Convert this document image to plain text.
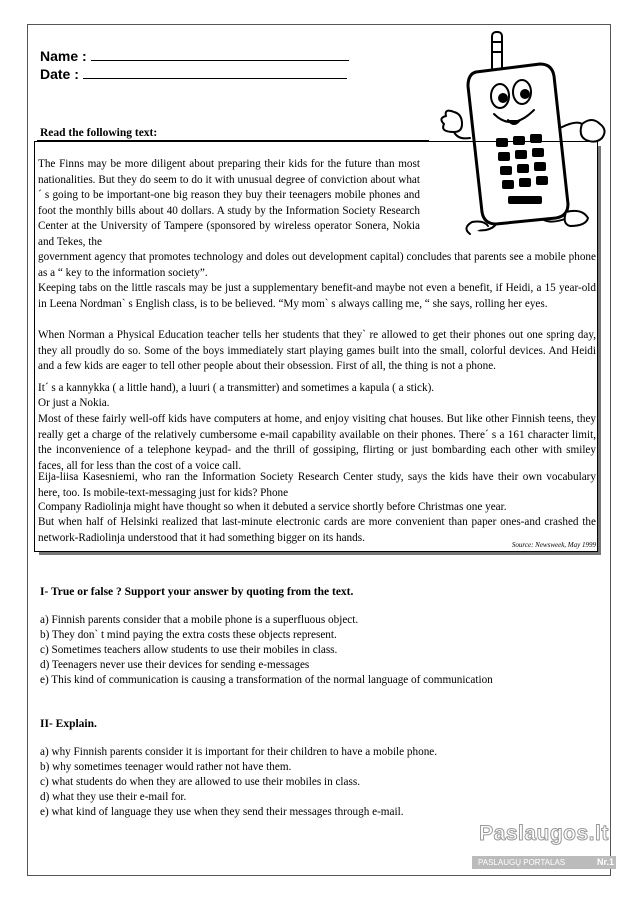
Name :
Date :
Read the following text:

The Finns may be more diligent about preparing their kids for the future than most nationalities. But they do seem to do it with unusual degree of conviction about what´ s going to be important-one big reason they buy their teenagers mobile phones and foot the monthly bills about 40 dollars. A study by the Information Society Research Center at the University of Tampere (sponsored by wireless operator Sonera, Nokia and Tekes, the

government agency that promotes technology and doles out development capital) concludes that parents see a mobile phone as a “ key to the information society”.

Keeping tabs on the little rascals may be just a supplementary benefit-and maybe not even a benefit, if Heidi, a 15 year-old in Leena Nordman` s English class, is to be believed. “My mom` s always calling me, “ she says, rolling her eyes.

When Norman a Physical Education teacher tells her students that they` re allowed to get their phones out one spring day, they all proudly do so. Some of the boys immediately start playing games built into the small, colorful devices. And Heidi and a few kids are eager to tell other people about their obsession. First of all, the thing is not a phone.

It´ s a kannykka ( a little hand), a luuri ( a transmitter) and sometimes a kapula ( a stick).

Or just a Nokia.

Most of these fairly well-off kids have computers at home, and enjoy visiting chat houses. But like other Finnish teens, they really get a charge of the relatively cumbersome e-mail capability available on their phones. There´ s a 161 character limit, the inconvenience of a telephone keypad- and the thrill of gossiping, flirting or just bombarding each other with smiley faces, all for less than the cost of a voice call.

Eija-liisa Kasesniemi, who ran the Information Society Research Center study, says the kids have their own vocabulary here, too. Is mobile-text-messaging just for kids? Phone

Company Radiolinja might have thought so when it debuted a service shortly before Christmas one year.

But when half of Helsinki realized that last-minute electronic cards are more convenient than paper ones-and crashed the network-Radiolinja understood that it had something bigger on its hands.

Source: Newsweek, May 1999
I- True or false ? Support your answer by quoting from the text.
a) Finnish parents consider that a mobile phone is a superfluous object.
b) They don` t mind paying the extra costs these objects represent.
c) Sometimes teachers allow students to use their mobiles in class.
d) Teenagers never use their devices for sending e-messages
e) This kind of communication is causing a transformation of the normal language of communication
II- Explain.
a) why Finnish parents consider it is important for their children to have a mobile phone.
b) why sometimes teenager would rather not have them.
c) what students do when they are allowed to use their mobiles in class.
d) what they use their e-mail for.
e) what kind of language they use when they send their messages through e-mail.
Paslaugos.lt
PASLAUGŲ PORTALAS	Nr.1
